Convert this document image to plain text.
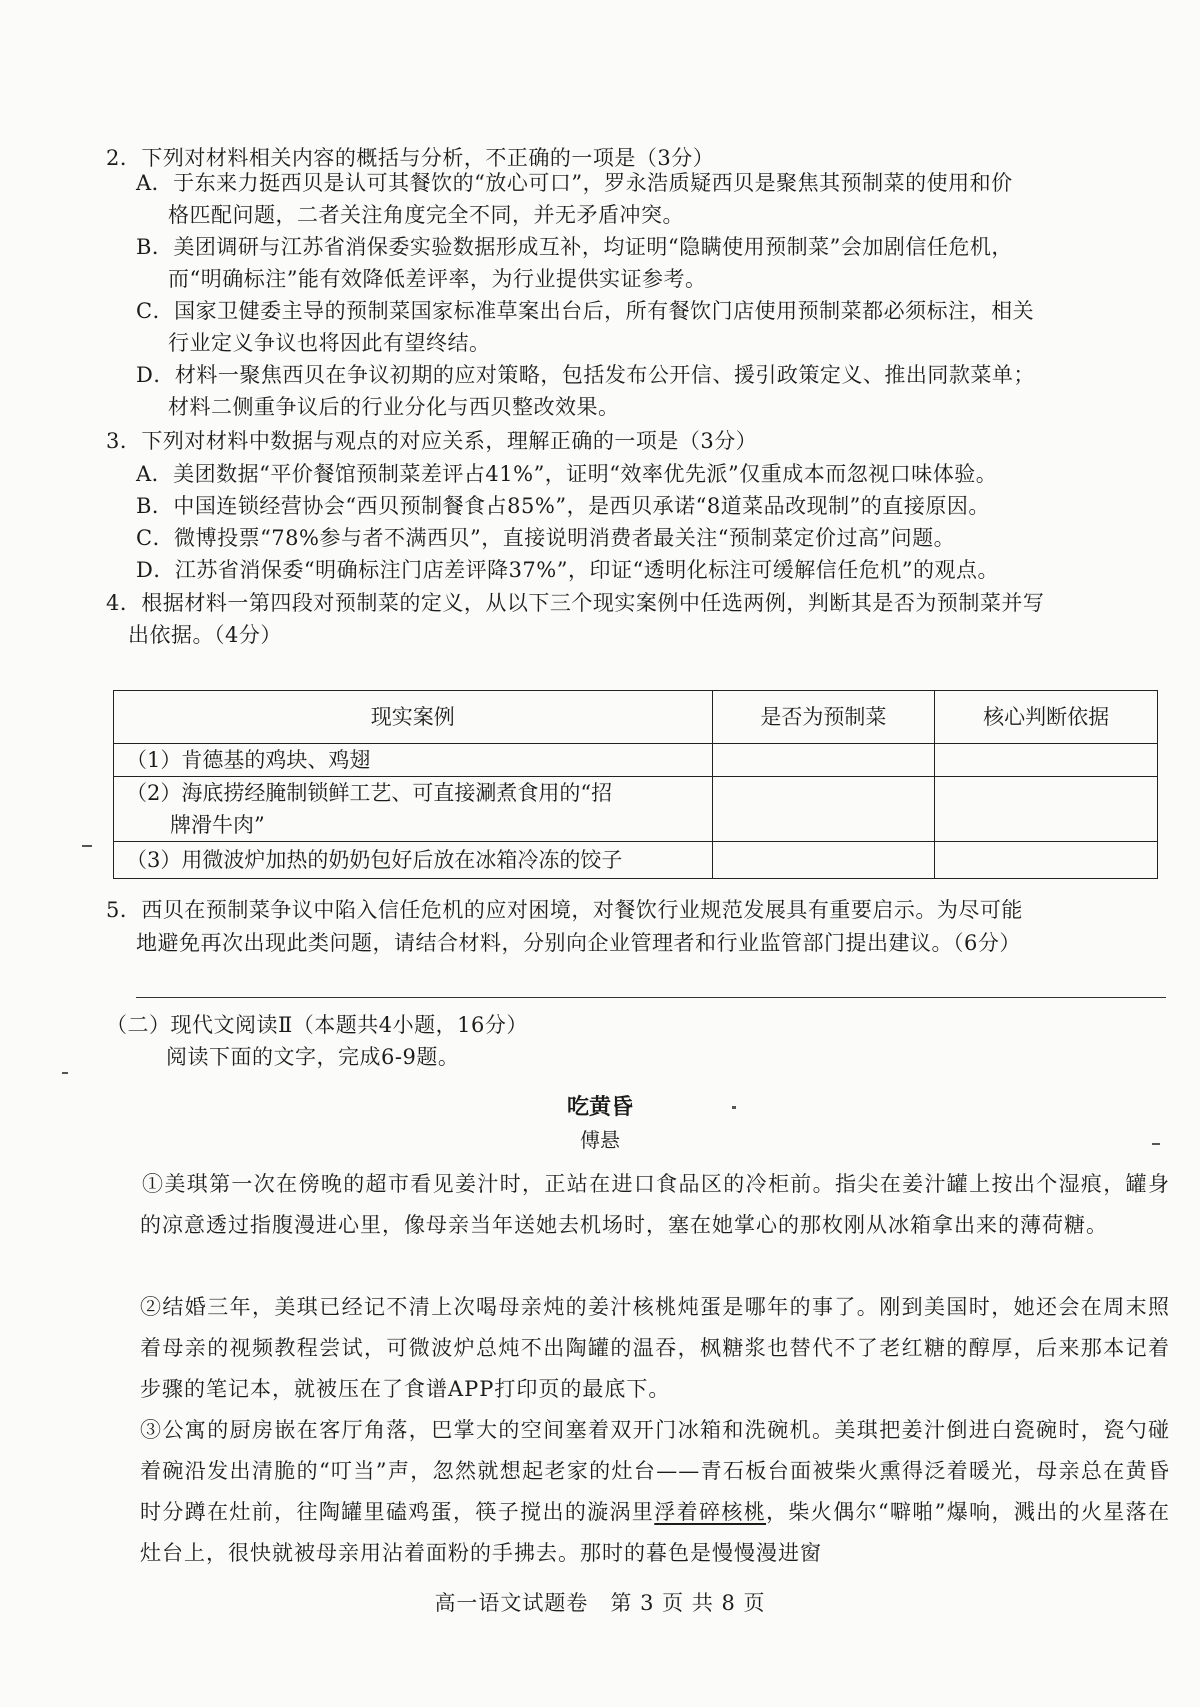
2．下列对材料相关内容的概括与分析，不正确的一项是（3分）
A．于东来力挺西贝是认可其餐饮的“放心可口”，罗永浩质疑西贝是聚焦其预制菜的使用和价
格匹配问题，二者关注角度完全不同，并无矛盾冲突。
B．美团调研与江苏省消保委实验数据形成互补，均证明“隐瞒使用预制菜”会加剧信任危机，
而“明确标注”能有效降低差评率，为行业提供实证参考。
C．国家卫健委主导的预制菜国家标准草案出台后，所有餐饮门店使用预制菜都必须标注，相关
行业定义争议也将因此有望终结。
D．材料一聚焦西贝在争议初期的应对策略，包括发布公开信、援引政策定义、推出同款菜单；
材料二侧重争议后的行业分化与西贝整改效果。
3．下列对材料中数据与观点的对应关系，理解正确的一项是（3分）
A．美团数据“平价餐馆预制菜差评占41%”，证明“效率优先派”仅重成本而忽视口味体验。
B．中国连锁经营协会“西贝预制餐食占85%”，是西贝承诺“8道菜品改现制”的直接原因。
C．微博投票“78%参与者不满西贝”，直接说明消费者最关注“预制菜定价过高”问题。
D．江苏省消保委“明确标注门店差评降37%”，印证“透明化标注可缓解信任危机”的观点。
4．根据材料一第四段对预制菜的定义，从以下三个现实案例中任选两例，判断其是否为预制菜并写
出依据。（4分）
现实案例	是否为预制菜	核心判断依据
（1）肯德基的鸡块、鸡翅		

（2）海底捞经腌制锁鲜工艺、可直接涮煮食用的“招
牌滑牛肉”		

（3）用微波炉加热的奶奶包好后放在冰箱冷冻的饺子		
5．西贝在预制菜争议中陷入信任危机的应对困境，对餐饮行业规范发展具有重要启示。为尽可能
地避免再次出现此类问题，请结合材料，分别向企业管理者和行业监管部门提出建议。（6分）
（二）现代文阅读Ⅱ（本题共4小题，16分）
阅读下面的文字，完成6-9题。
吃黄昏
傅悬
①美琪第一次在傍晚的超市看见姜汁时，正站在进口食品区的冷柜前。指尖在姜汁罐上按出个湿痕，罐身的凉意透过指腹漫进心里，像母亲当年送她去机场时，塞在她掌心的那枚刚从冰箱拿出来的薄荷糖。
②结婚三年，美琪已经记不清上次喝母亲炖的姜汁核桃炖蛋是哪年的事了。刚到美国时，她还会在周末照着母亲的视频教程尝试，可微波炉总炖不出陶罐的温吞，枫糖浆也替代不了老红糖的醇厚，后来那本记着步骤的笔记本，就被压在了食谱APP打印页的最底下。
③公寓的厨房嵌在客厅角落，巴掌大的空间塞着双开门冰箱和洗碗机。美琪把姜汁倒进白瓷碗时，瓷勺碰着碗沿发出清脆的“叮当”声，忽然就想起老家的灶台——青石板台面被柴火熏得泛着暖光，母亲总在黄昏时分蹲在灶前，往陶罐里磕鸡蛋，筷子搅出的漩涡里浮着碎核桃，柴火偶尔“噼啪”爆响，溅出的火星落在灶台上，很快就被母亲用沾着面粉的手拂去。那时的暮色是慢慢漫进窗
高一语文试题卷　第 3 页 共 8 页
